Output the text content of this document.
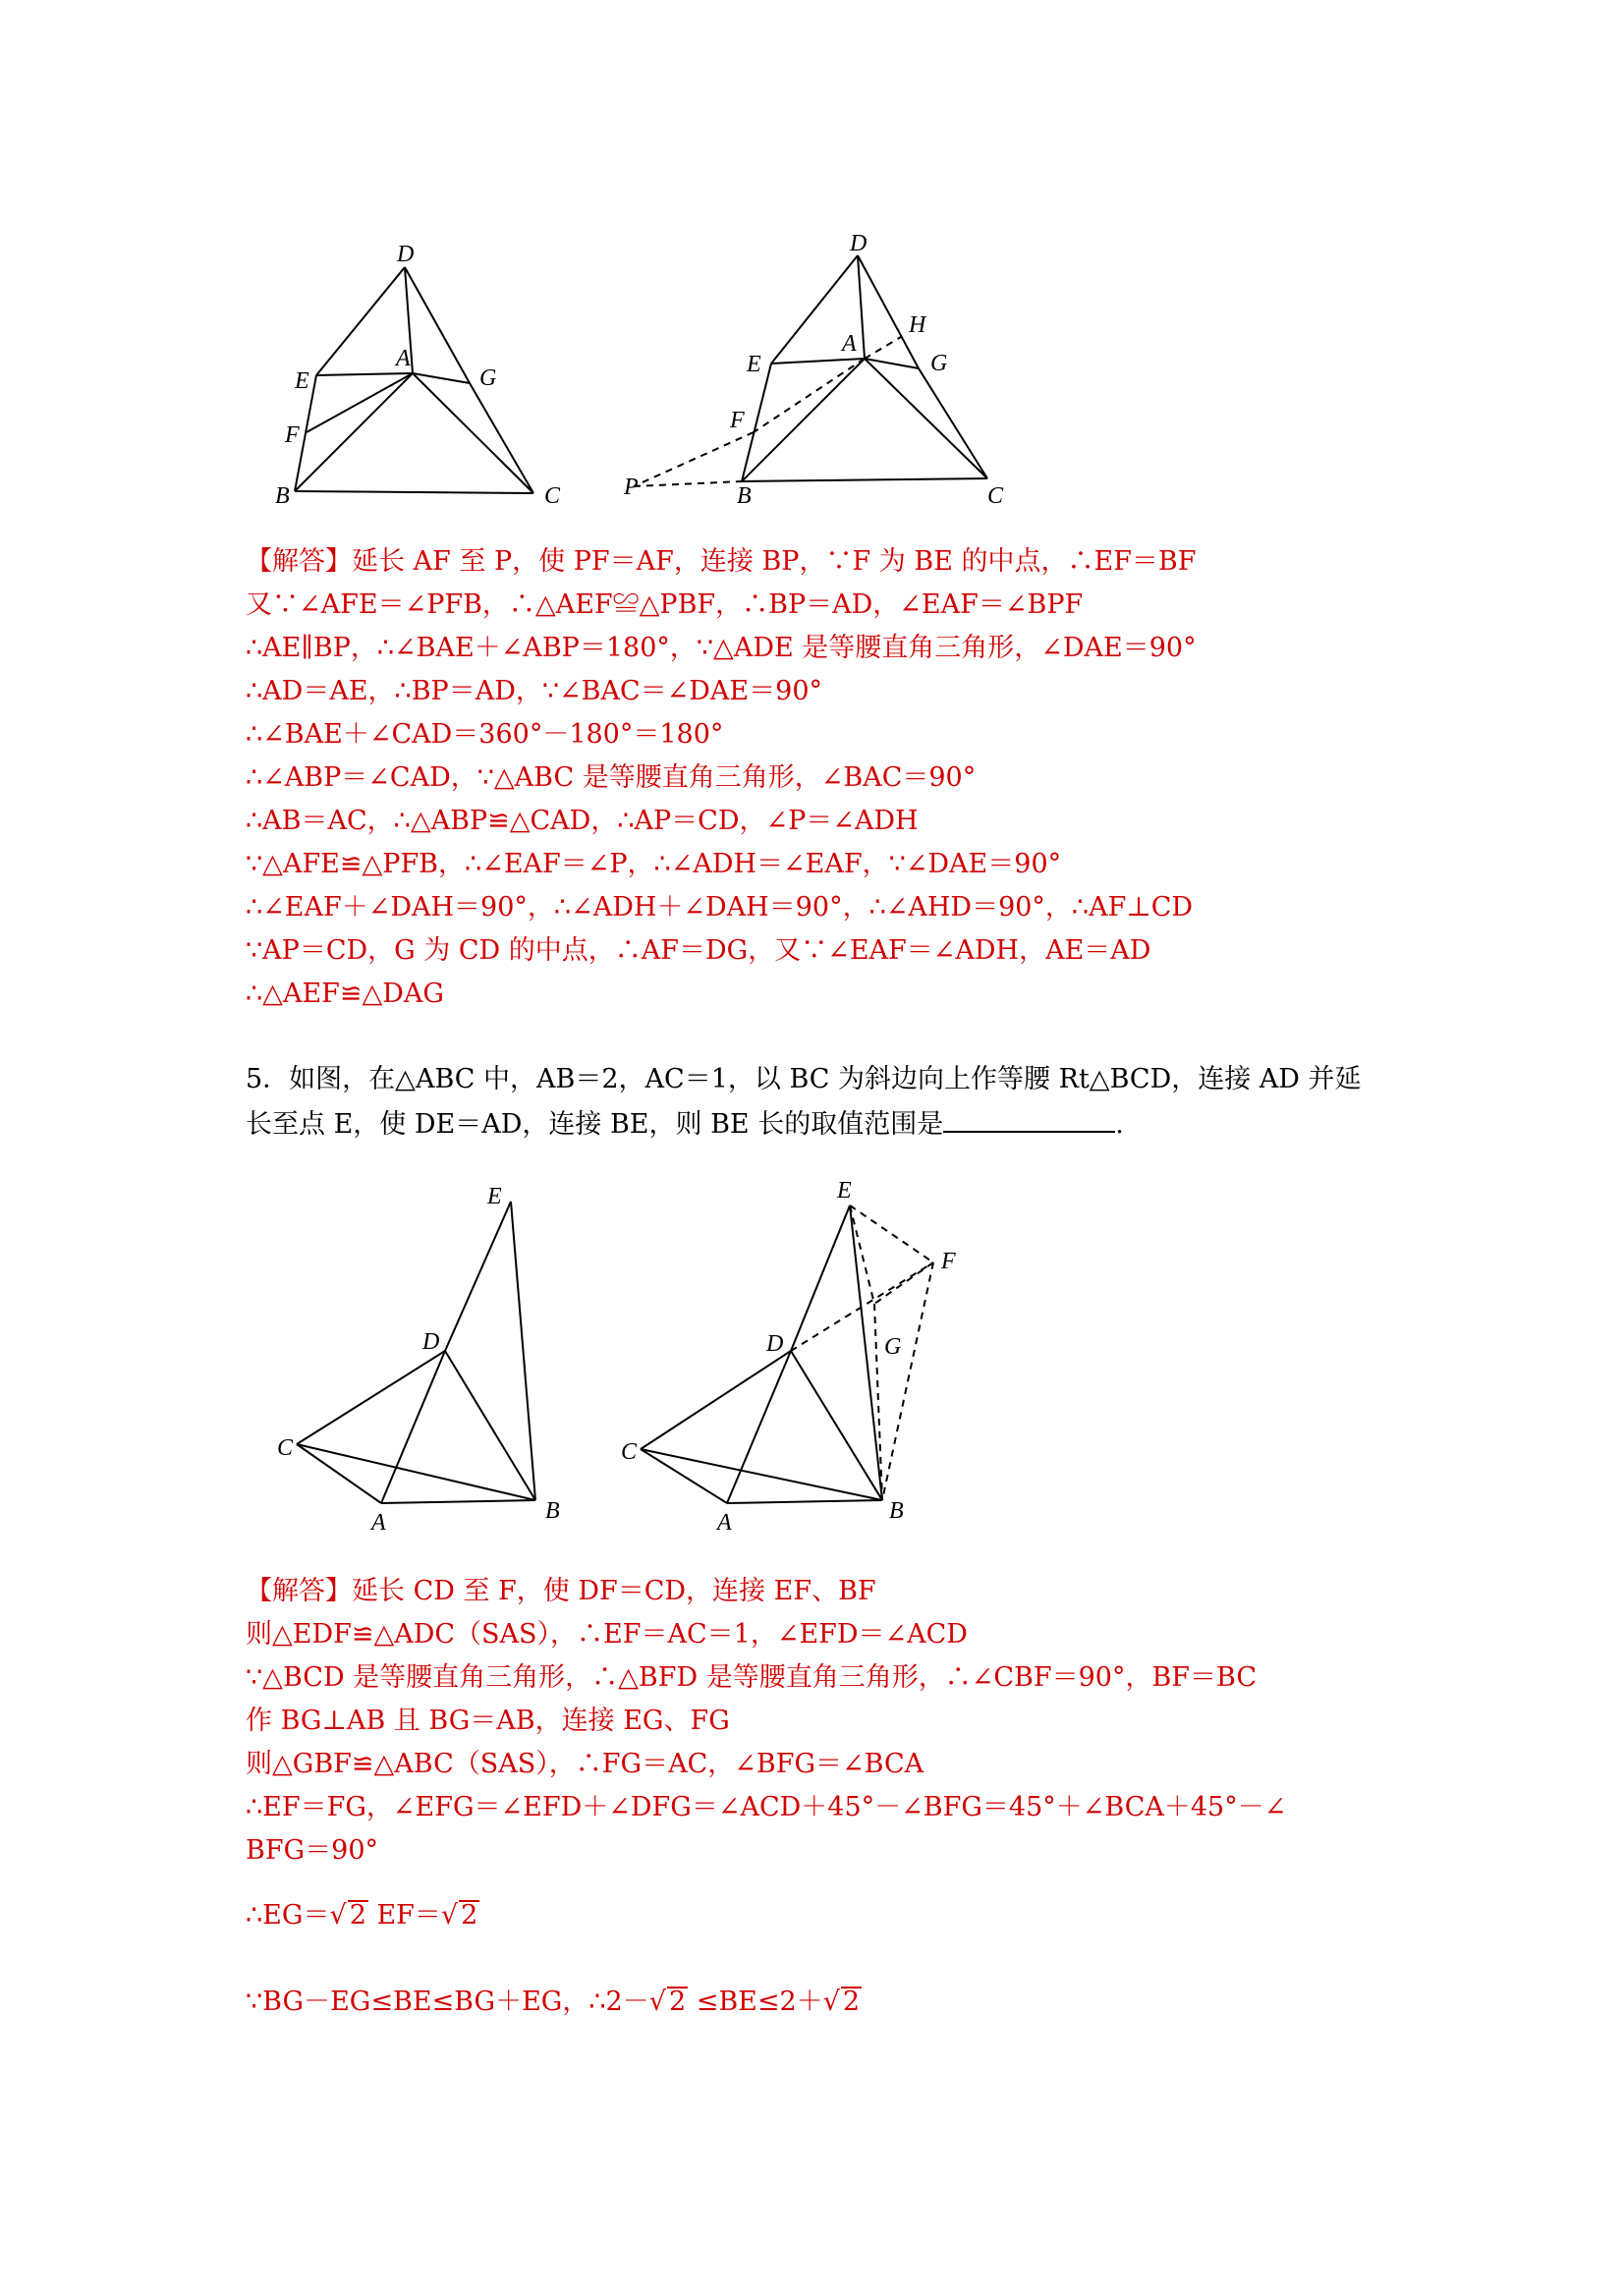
D
E
A
G
F
B	C
D
H
E
A
G
F
P	B	C
【解答】延长 AF 至 P，使 PF＝AF，连接 BP，∵F 为 BE 的中点，∴EF＝BF
又∵∠AFE＝∠PFB，∴△AEF≌△PBF，∴BP＝AD，∠EAF＝∠BPF
∴AE∥BP，∴∠BAE＋∠ABP＝180°，∵△ADE 是等腰直角三角形，∠DAE＝90°
∴AD＝AE，∴BP＝AD，∵∠BAC＝∠DAE＝90°
∴∠BAE＋∠CAD＝360°－180°＝180°
∴∠ABP＝∠CAD，∵△ABC 是等腰直角三角形，∠BAC＝90°
∴AB＝AC，∴△ABP≌△CAD，∴AP＝CD，∠P＝∠ADH
∵△AFE≌△PFB，∴∠EAF＝∠P，∴∠ADH＝∠EAF，∵∠DAE＝90°
∴∠EAF＋∠DAH＝90°，∴∠ADH＋∠DAH＝90°，∴∠AHD＝90°，∴AF⊥CD
∵AP＝CD，G 为 CD 的中点，∴AF＝DG，又∵∠EAF＝∠ADH，AE＝AD
∴△AEF≌△DAG
5．如图，在△ABC 中，AB＝2，AC＝1，以 BC 为斜边向上作等腰 Rt△BCD，连接 AD 并延
长至点 E，使 DE＝AD，连接 BE，则 BE 长的取值范围是	.
E
D
C
A	B
E
F
D	G
C
A	B
【解答】延长 CD 至 F，使 DF＝CD，连接 EF、BF
则△EDF≌△ADC（SAS），∴EF＝AC＝1，∠EFD＝∠ACD
∵△BCD 是等腰直角三角形，∴△BFD 是等腰直角三角形，∴∠CBF＝90°，BF＝BC
作 BG⊥AB 且 BG＝AB，连接 EG、FG
则△GBF≌△ABC（SAS），∴FG＝AC，∠BFG＝∠BCA
∴EF＝FG，∠EFG＝∠EFD＋∠DFG＝∠ACD＋45°－∠BFG＝45°＋∠BCA＋45°－∠
BFG＝90°
∴EG＝√ 2 EF＝√ 2
∵BG－EG≤BE≤BG＋EG，∴2－√ 2 ≤BE≤2＋√ 2
